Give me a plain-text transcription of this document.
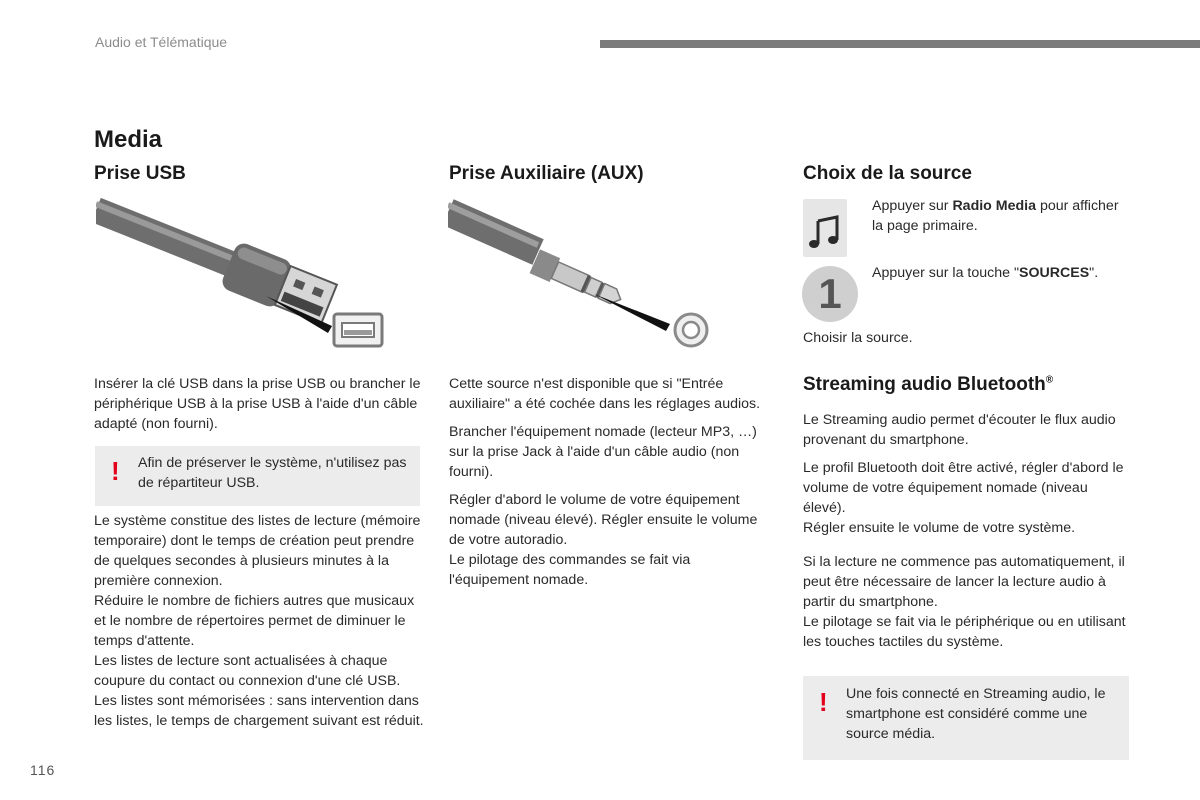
Audio et Télématique
Media
Prise USB

Insérer la clé USB dans la prise USB ou brancher le périphérique USB à la prise USB à l'aide d'un câble adapté (non fourni).

! Afin de préserver le système, n'utilisez pas de répartiteur USB.

Le système constitue des listes de lecture (mémoire temporaire) dont le temps de création peut prendre de quelques secondes à plusieurs minutes à la première connexion.

Réduire le nombre de fichiers autres que musicaux et le nombre de répertoires permet de diminuer le temps d'attente.

Les listes de lecture sont actualisées à chaque coupure du contact ou connexion d'une clé USB. Les listes sont mémorisées : sans intervention dans les listes, le temps de chargement suivant est réduit.

Prise Auxiliaire (AUX)

Cette source n'est disponible que si "Entrée auxiliaire" a été cochée dans les réglages audios.

Brancher l'équipement nomade (lecteur MP3, …) sur la prise Jack à l'aide d'un câble audio (non fourni).

Régler d'abord le volume de votre équipement nomade (niveau élevé). Régler ensuite le volume de votre autoradio.

Le pilotage des commandes se fait via l'équipement nomade.

Choix de la source

Appuyer sur Radio Media pour afficher la page primaire.

1	Appuyer sur la touche "SOURCES".

Choisir la source.

Streaming audio Bluetooth®

Le Streaming audio permet d'écouter le flux audio provenant du smartphone.

Le profil Bluetooth doit être activé, régler d'abord le volume de votre équipement nomade (niveau élevé).

Régler ensuite le volume de votre système.

Si la lecture ne commence pas automatiquement, il peut être nécessaire de lancer la lecture audio à partir du smartphone.

Le pilotage se fait via le périphérique ou en utilisant les touches tactiles du système.

! Une fois connecté en Streaming audio, le smartphone est considéré comme une source média.
116
